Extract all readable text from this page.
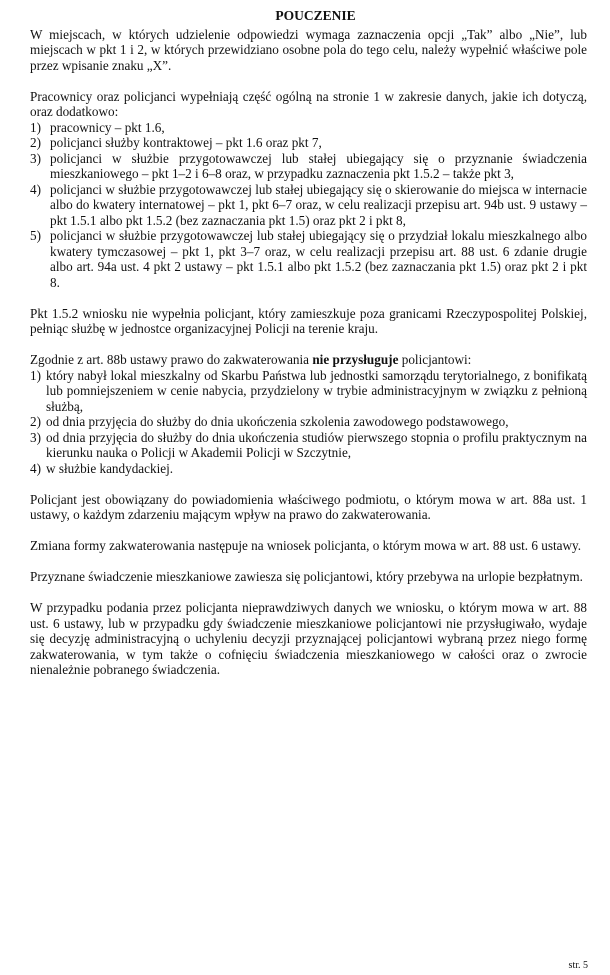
POUCZENIE

W miejscach, w których udzielenie odpowiedzi wymaga zaznaczenia opcji „Tak” albo „Nie”, lub miejscach w pkt 1 i 2, w których przewidziano osobne pola do tego celu, należy wypełnić właściwe pole przez wpisanie znaku „X”.

Pracownicy oraz policjanci wypełniają część ogólną na stronie 1 w zakresie danych, jakie ich dotyczą, oraz dodatkowo:

1) pracownicy – pkt 1.6,
2) policjanci służby kontraktowej – pkt 1.6 oraz pkt 7,
3) policjanci w służbie przygotowawczej lub stałej ubiegający się o przyznanie świadczenia mieszkaniowego – pkt 1–2 i 6–8 oraz, w przypadku zaznaczenia pkt 1.5.2 – także pkt 3,
4) policjanci w służbie przygotowawczej lub stałej ubiegający się o skierowanie do miejsca w internacie albo do kwatery internatowej – pkt 1, pkt 6–7 oraz, w celu realizacji przepisu art. 94b ust. 9 ustawy – pkt 1.5.1 albo pkt 1.5.2 (bez zaznaczania pkt 1.5) oraz pkt 2 i pkt 8,
5) policjanci w służbie przygotowawczej lub stałej ubiegający się o przydział lokalu mieszkalnego albo kwatery tymczasowej – pkt 1, pkt 3–7 oraz, w celu realizacji przepisu art. 88 ust. 6 zdanie drugie albo art. 94a ust. 4 pkt 2 ustawy – pkt 1.5.1 albo pkt 1.5.2 (bez zaznaczania pkt 1.5) oraz pkt 2 i pkt 8.

Pkt 1.5.2 wniosku nie wypełnia policjant, który zamieszkuje poza granicami Rzeczypospolitej Polskiej, pełniąc służbę w jednostce organizacyjnej Policji na terenie kraju.

Zgodnie z art. 88b ustawy prawo do zakwaterowania nie przysługuje policjantowi:

1) który nabył lokal mieszkalny od Skarbu Państwa lub jednostki samorządu terytorialnego, z bonifikatą lub pomniejszeniem w cenie nabycia, przydzielony w trybie administracyjnym w związku z pełnioną służbą,
2) od dnia przyjęcia do służby do dnia ukończenia szkolenia zawodowego podstawowego,
3) od dnia przyjęcia do służby do dnia ukończenia studiów pierwszego stopnia o profilu praktycznym na kierunku nauka o Policji w Akademii Policji w Szczytnie,
4) w służbie kandydackiej.

Policjant jest obowiązany do powiadomienia właściwego podmiotu, o którym mowa w art. 88a ust. 1 ustawy, o każdym zdarzeniu mającym wpływ na prawo do zakwaterowania.

Zmiana formy zakwaterowania następuje na wniosek policjanta, o którym mowa w art. 88 ust. 6 ustawy.

Przyznane świadczenie mieszkaniowe zawiesza się policjantowi, który przebywa na urlopie bezpłatnym.

W przypadku podania przez policjanta nieprawdziwych danych we wniosku, o którym mowa w art. 88 ust. 6 ustawy, lub w przypadku gdy świadczenie mieszkaniowe policjantowi nie przysługiwało, wydaje się decyzję administracyjną o uchyleniu decyzji przyznającej policjantowi wybraną przez niego formę zakwaterowania, w tym także o cofnięciu świadczenia mieszkaniowego w całości oraz o zwrocie nienależnie pobranego świadczenia.

str. 5
